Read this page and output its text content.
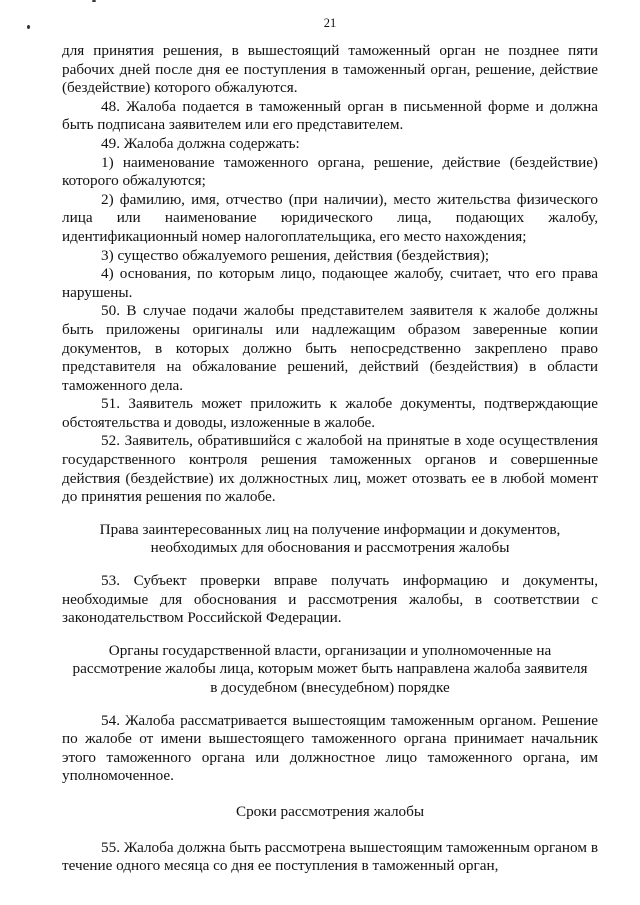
21

для принятия решения, в вышестоящий таможенный орган не позднее пяти рабочих дней после дня ее поступления в таможенный орган, решение, действие (бездействие) которого обжалуются.

48. Жалоба подается в таможенный орган в письменной форме и должна быть подписана заявителем или его представителем.

49. Жалоба должна содержать:

1) наименование таможенного органа, решение, действие (бездействие) которого обжалуются;

2) фамилию, имя, отчество (при наличии), место жительства физического лица или наименование юридического лица, подающих жалобу, идентификационный номер налогоплательщика, его место нахождения;

3) существо обжалуемого решения, действия (бездействия);

4) основания, по которым лицо, подающее жалобу, считает, что его права нарушены.

50. В случае подачи жалобы представителем заявителя к жалобе должны быть приложены оригиналы или надлежащим образом заверенные копии документов, в которых должно быть непосредственно закреплено право представителя на обжалование решений, действий (бездействия) в области таможенного дела.

51. Заявитель может приложить к жалобе документы, подтверждающие обстоятельства и доводы, изложенные в жалобе.

52. Заявитель, обратившийся с жалобой на принятые в ходе осуществления государственного контроля решения таможенных органов и совершенные действия (бездействие) их должностных лиц, может отозвать ее в любой момент до принятия решения по жалобе.

Права заинтересованных лиц на получение информации и документов,

необходимых для обоснования и рассмотрения жалобы

53. Субъект проверки вправе получать информацию и документы, необходимые для обоснования и рассмотрения жалобы, в соответствии с законодательством Российской Федерации.

Органы государственной власти, организации и уполномоченные на

рассмотрение жалобы лица, которым может быть направлена жалоба заявителя

в досудебном (внесудебном) порядке

54. Жалоба рассматривается вышестоящим таможенным органом. Решение по жалобе от имени вышестоящего таможенного органа принимает начальник этого таможенного органа или должностное лицо таможенного органа, им уполномоченное.

Сроки рассмотрения жалобы

55. Жалоба должна быть рассмотрена вышестоящим таможенным органом в течение одного месяца со дня ее поступления в таможенный орган,
